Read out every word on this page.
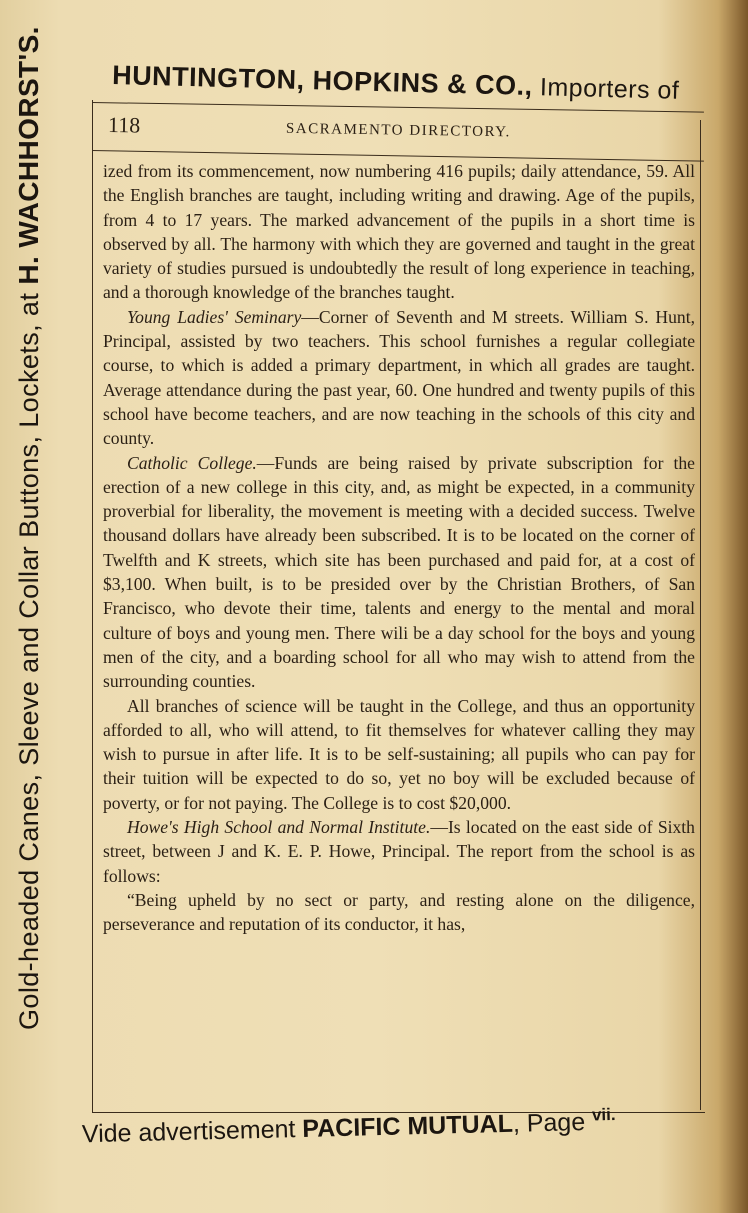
HUNTINGTON, HOPKINS & CO., Importers of
Gold-headed Canes, Sleeve and Collar Buttons, Lockets, at H. WACHHORST'S.	118	SACRAMENTO DIRECTORY.

ized from its commencement, now numbering 416 pupils; daily attendance, 59. All the English branches are taught, including writing and drawing. Age of the pupils, from 4 to 17 years. The marked advancement of the pupils in a short time is observed by all. The harmony with which they are governed and taught in the great variety of studies pursued is undoubtedly the result of long experience in teaching, and a thorough knowledge of the branches taught.

Young Ladies' Seminary—Corner of Seventh and M streets. William S. Hunt, Principal, assisted by two teachers. This school furnishes a regular collegiate course, to which is added a primary department, in which all grades are taught. Average attendance during the past year, 60. One hundred and twenty pupils of this school have become teachers, and are now teaching in the schools of this city and county.

Catholic College.—Funds are being raised by private subscription for the erection of a new college in this city, and, as might be expected, in a community proverbial for liberality, the movement is meeting with a decided success. Twelve thousand dollars have already been subscribed. It is to be located on the corner of Twelfth and K streets, which site has been purchased and paid for, at a cost of $3,100. When built, is to be presided over by the Christian Brothers, of San Francisco, who devote their time, talents and energy to the mental and moral culture of boys and young men. There wili be a day school for the boys and young men of the city, and a boarding school for all who may wish to attend from the surrounding counties.

All branches of science will be taught in the College, and thus an opportunity afforded to all, who will attend, to fit themselves for whatever calling they may wish to pursue in after life. It is to be self-sustaining; all pupils who can pay for their tuition will be expected to do so, yet no boy will be excluded because of poverty, or for not paying. The College is to cost $20,000.

Howe's High School and Normal Institute.—Is located on the east side of Sixth street, between J and K. E. P. Howe, Principal. The report from the school is as follows:

“Being upheld by no sect or party, and resting alone on the diligence, perseverance and reputation of its conductor, it has,

Vide advertisement PACIFIC MUTUAL, Page $^{vii.}$
